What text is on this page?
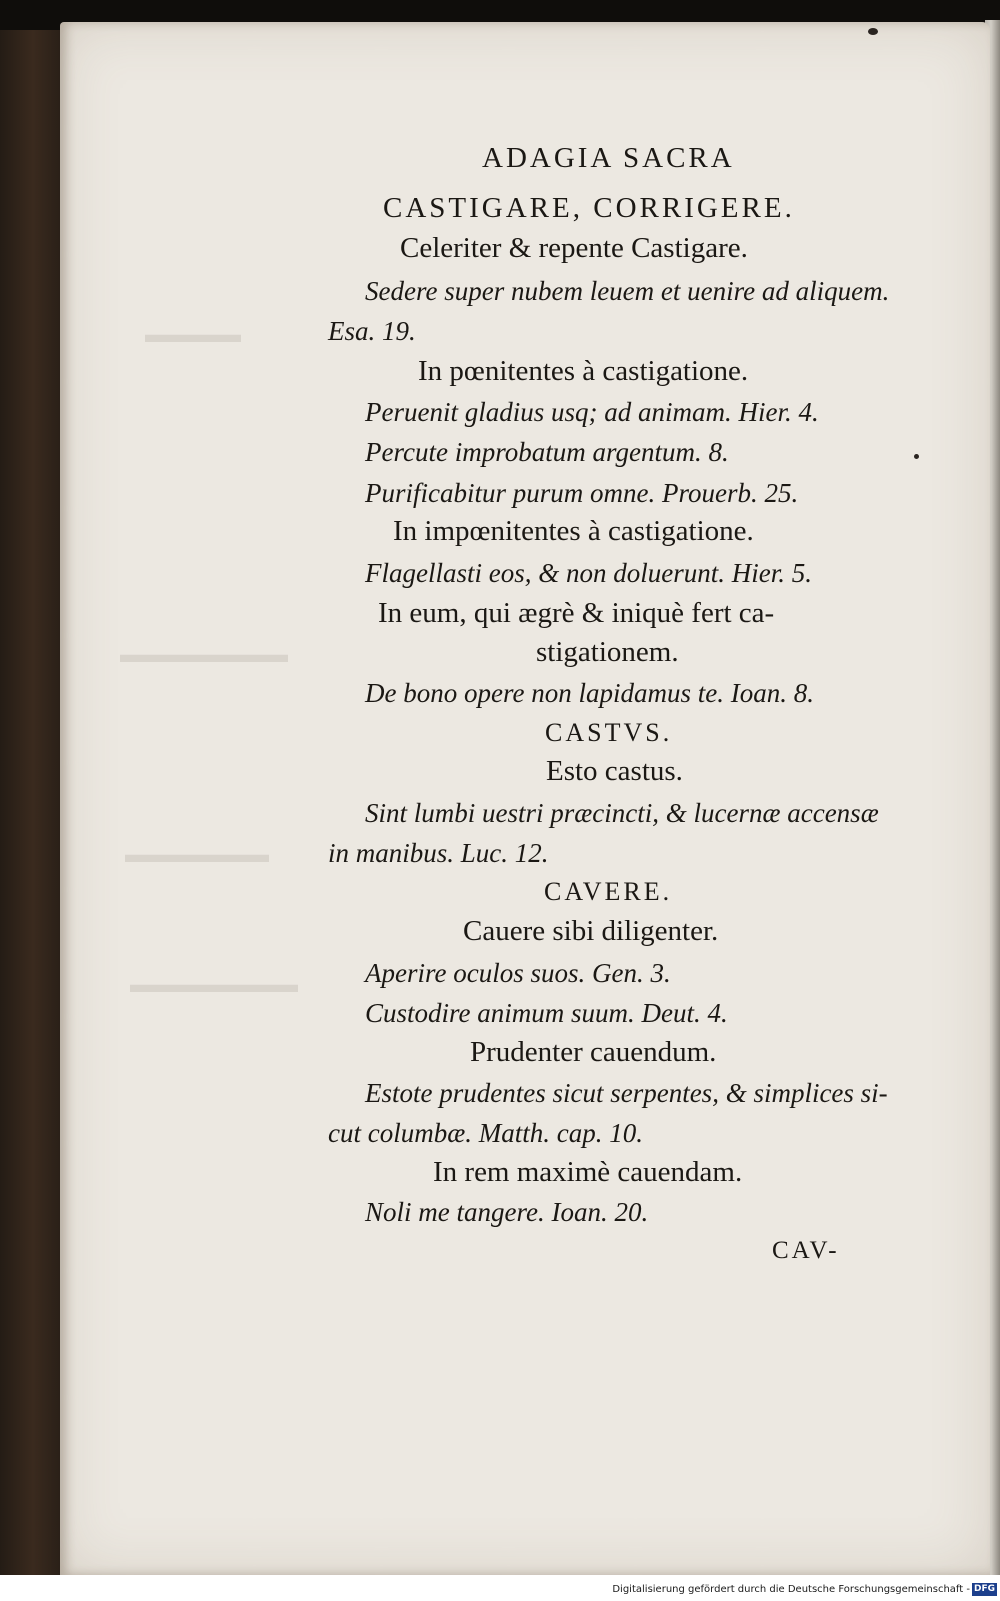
▬▬▬▬
▬▬▬▬▬▬▬
▬▬▬▬▬▬
▬▬▬▬▬▬▬
ADAGIA SACRA
CASTIGARE, CORRIGERE.
Celeriter & repente Castigare.
Sedere super nubem leuem et uenire ad aliquem.
Esa. 19.
In pœnitentes à castigatione.
Peruenit gladius usq; ad animam. Hier. 4.
Percute improbatum argentum. 8.
Purificabitur purum omne. Prouerb. 25.
In impœnitentes à castigatione.
Flagellasti eos, & non doluerunt. Hier. 5.
In eum, qui ægrè & iniquè fert ca-
stigationem.
De bono opere non lapidamus te. Ioan. 8.
CASTVS.
Esto castus.
Sint lumbi uestri præcincti, & lucernæ accensæ
in manibus. Luc. 12.
CAVERE.
Cauere sibi diligenter.
Aperire oculos suos. Gen. 3.
Custodire animum suum. Deut. 4.
Prudenter cauendum.
Estote prudentes sicut serpentes, & simplices si-
cut columbæ. Matth. cap. 10.
In rem maximè cauendam.
Noli me tangere. Ioan. 20.
CAV-
Digitalisierung gefördert durch die Deutsche Forschungsgemeinschaft - DFG
